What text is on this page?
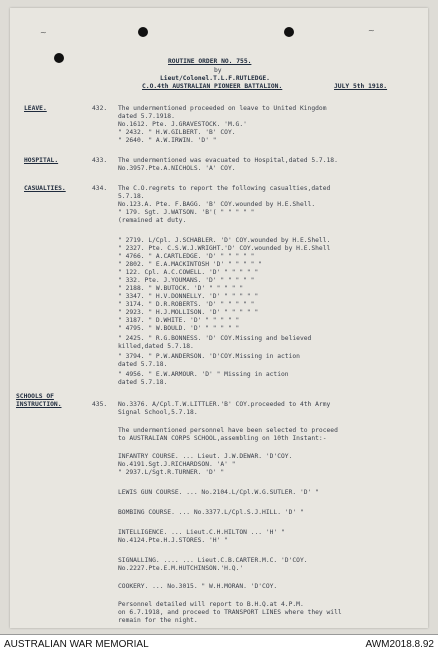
~	~
ROUTINE ORDER NO. 755.
by
Lieut/Colonel.T.L.F.RUTLEDGE.
C.O.4th AUSTRALIAN PIONEER BATTALION.	JULY 5th 1918.
LEAVE.	432. The undermentioned proceeded on leave to United Kingdom
dated 5.7.1918.
No.1612. Pte. J.GRAVESTOCK. 'M.G.'
" 2432. " H.W.GILBERT. 'B' COY.
" 2640. " A.W.IRWIN. 'D' "
HOSPITAL.	433. The undermentioned was evacuated to Hospital,dated 5.7.18.
No.3957.Pte.A.NICHOLS. 'A' COY.
CASUALTIES.	434. The C.O.regrets to report the following casualties,dated
5.7.18.
No.123.A. Pte. F.BAGG. 'B' COY.wounded by H.E.Shell.
" 179. Sgt. J.WATSON. 'B'( " " " " "
(remained at duty.
" 2719. L/Cpl. J.SCHABLER. 'D' COY.wounded by H.E.Shell.
" 2327. Pte. C.S.W.J.WRIGHT.'D' COY.wounded by H.E.Shell
" 4766. " A.CARTLEDGE. 'D' " " " " "
" 2802. " E.A.MACKINTOSH 'D' " " " " "
" 122. Cpl. A.C.COWELL. 'D' " " " " "
" 332. Pte. J.YOUMANS. 'D' " " " " "
" 2188. " W.BUTOCK. 'D' " " " " "
" 3347. " H.V.DONNELLY. 'D' " " " " "
" 3174. " D.R.ROBERTS. 'D' " " " " "
" 2923. " H.J.MOLLISON. 'D' " " " " "
" 3187. " D.WHITE. 'D' " " " " "
" 4795. " W.BOULD. 'D' " " " " "
" 2425. " R.G.BONNESS. 'D' COY.Missing and believed
killed,dated 5.7.18.
" 3794. " P.W.ANDERSON. 'D'COY.Missing in action
dated 5.7.18.
" 4956. " E.W.ARMOUR. 'D' " Missing in action
dated 5.7.18.
SCHOOLS OF
INSTRUCTION.	435. No.3376. A/Cpl.T.W.LITTLER.'B' COY.proceeded to 4th Army
Signal School,5.7.18.
The undermentioned personnel have been selected to proceed
to AUSTRALIAN CORPS SCHOOL,assembling on 10th Instant:-
INFANTRY COURSE. ... Lieut. J.W.DEWAR. 'D'COY.
No.4191.Sgt.J.RICHARDSON. 'A' "
" 2937.L/Sgt.R.TURNER. 'D' "
LEWIS GUN COURSE. ... No.2104.L/Cpl.W.G.SUTLER. 'D' "
BOMBING COURSE. ... No.3377.L/Cpl.S.J.HILL. 'D' "
INTELLIGENCE. ... Lieut.C.H.HILTON ... 'H' "
No.4124.Pte.H.J.STORES. 'H' "
SIGNALLING. .... ... Lieut.C.B.CARTER.M.C. 'D'COY.
No.2227.Pte.E.M.HUTCHINSON.'H.Q.'
COOKERY. ... No.3015. " W.H.MORAN. 'D'COY.
Personnel detailed will report to B.H.Q.at 4.P.M.
on 6.7.1918, and proceed to TRANSPORT LINES where they will
remain for the night.
AUSTRALIAN WAR MEMORIAL	AWM2018.8.92
